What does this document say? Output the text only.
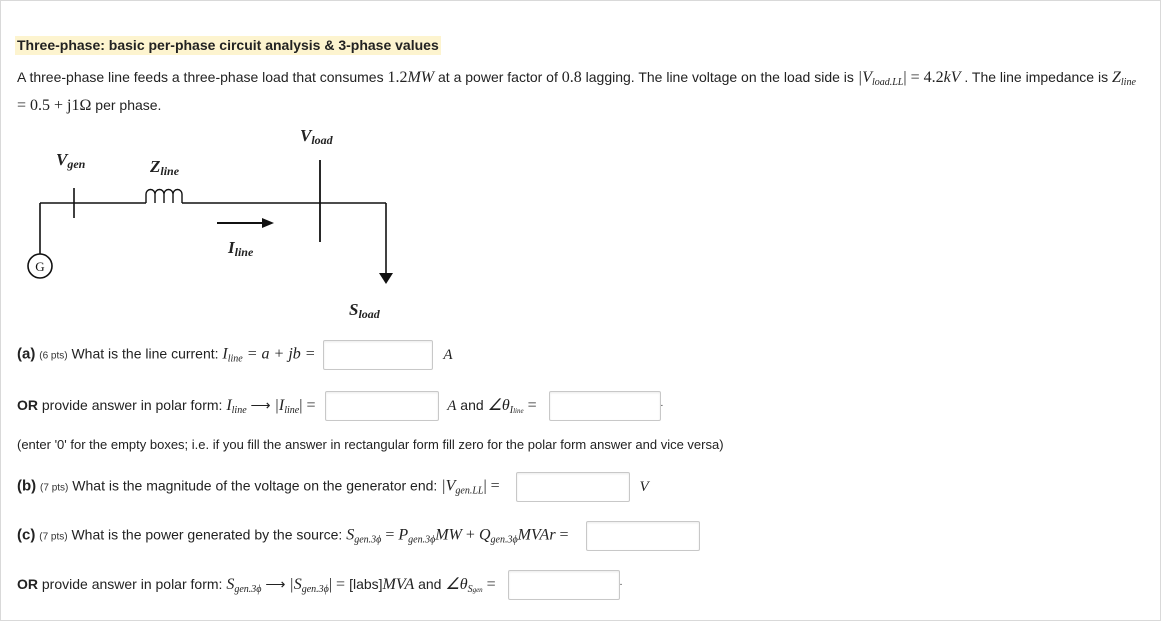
Three-phase: basic per-phase circuit analysis & 3-phase values
A three-phase line feeds a three-phase load that consumes 1.2MW at a power factor of 0.8 lagging. The line voltage on the load side is $|V_{load.LL}| = 4.2kV$ . The line impedance is $Z_{line} = 0.5 + j1\Omega$ per phase.
Vload
Vgen	Zline
Iline
Sload
G
(a) (6 pts) What is the line current: $I_{line} = a$ + jb =	A
OR provide answer in polar form: $I_{line}$ ⟶ $|I_{line}|$ =	A and $\angle\theta_{Iline}$ =	.
(enter '0' for the empty boxes; i.e. if you fill the answer in rectangular form fill zero for the polar form answer and vice versa)
(b) (7 pts) What is the magnitude of the voltage on the generator end: $|V_{gen.LL}|$ =	V
(c) (7 pts) What is the power generated by the source: $S_{gen.3\phi} = P_{gen.3\phi}MW$ + $Q_{gen.3\phi}MVAr$ =
OR provide answer in polar form: $S_{gen.3\phi}$ ⟶ $|S_{gen.3\phi}|$ = [labs]MVA and $\angle\theta_{Sgen}$ =	.
